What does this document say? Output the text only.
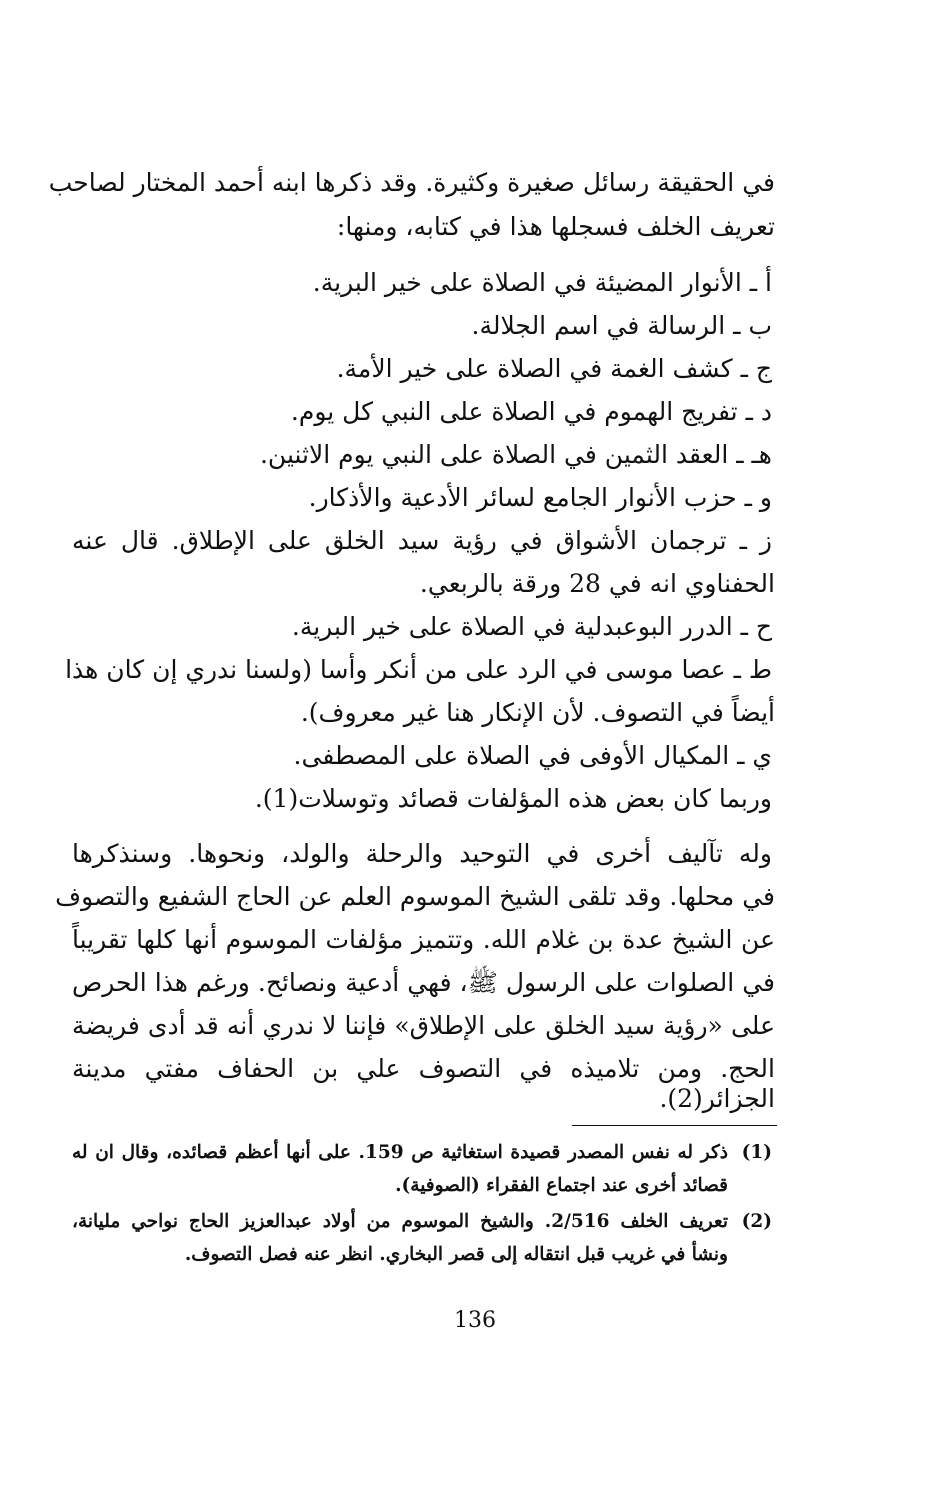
في الحقيقة رسائل صغيرة وكثيرة. وقد ذكرها ابنه أحمد المختار لصاحب
تعريف الخلف فسجلها هذا في كتابه، ومنها:
أ ـ الأنوار المضيئة في الصلاة على خير البرية.
ب ـ الرسالة في اسم الجلالة.
ج ـ كشف الغمة في الصلاة على خير الأمة.
د ـ تفريج الهموم في الصلاة على النبي كل يوم.
هـ ـ العقد الثمين في الصلاة على النبي يوم الاثنين.
و ـ حزب الأنوار الجامع لسائر الأدعية والأذكار.
ز ـ ترجمان الأشواق في رؤية سيد الخلق على الإطلاق. قال عنه
الحفناوي انه في 28 ورقة بالربعي.
ح ـ الدرر البوعبدلية في الصلاة على خير البرية.
ط ـ عصا موسى في الرد على من أنكر وأسا (ولسنا ندري إن كان هذا
أيضاً في التصوف. لأن الإنكار هنا غير معروف).
ي ـ المكيال الأوفى في الصلاة على المصطفى.
وربما كان بعض هذه المؤلفات قصائد وتوسلات(1).
وله تآليف أخرى في التوحيد والرحلة والولد، ونحوها. وسنذكرها
في محلها. وقد تلقى الشيخ الموسوم العلم عن الحاج الشفيع والتصوف
عن الشيخ عدة بن غلام الله. وتتميز مؤلفات الموسوم أنها كلها تقريباً
في الصلوات على الرسول ﷺ، فهي أدعية ونصائح. ورغم هذا الحرص
على «رؤية سيد الخلق على الإطلاق» فإننا لا ندري أنه قد أدى فريضة
الحج. ومن تلاميذه في التصوف علي بن الحفاف مفتي مدينة
الجزائر(2).
(1)
ذكر له نفس المصدر قصيدة استغاثية ص 159. على أنها أعظم قصائده، وقال ان له
قصائد أخرى عند اجتماع الفقراء (الصوفية).
(2)
تعريف الخلف 2/516. والشيخ الموسوم من أولاد عبدالعزيز الحاج نواحي مليانة،
ونشأ في غريب قبل انتقاله إلى قصر البخاري. انظر عنه فصل التصوف.
136
